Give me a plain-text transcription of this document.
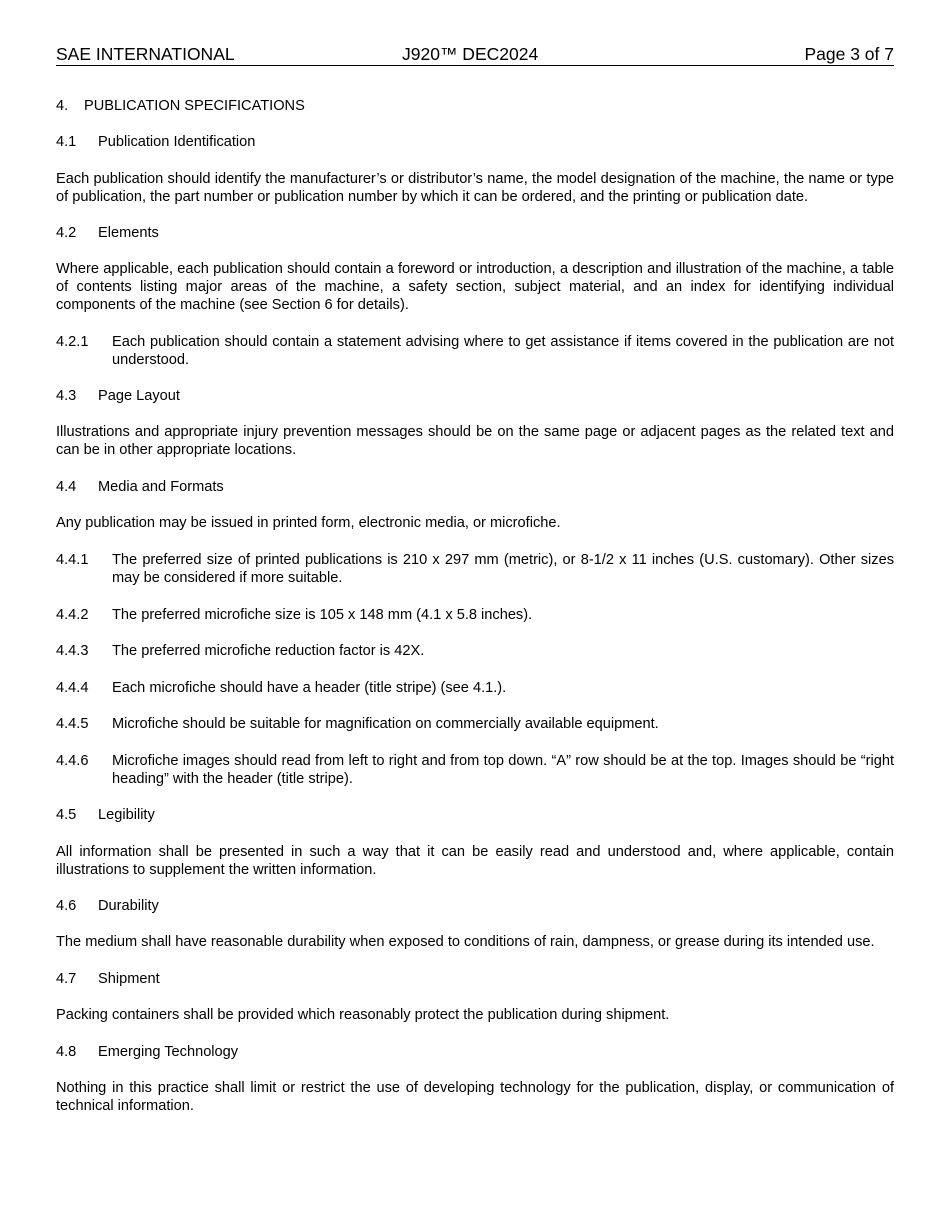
SAE INTERNATIONAL	J920™ DEC2024	Page 3 of 7
4.	PUBLICATION SPECIFICATIONS
4.1	Publication Identification
Each publication should identify the manufacturer’s or distributor’s name, the model designation of the machine, the name or type of publication, the part number or publication number by which it can be ordered, and the printing or publication date.
4.2	Elements
Where applicable, each publication should contain a foreword or introduction, a description and illustration of the machine, a table of contents listing major areas of the machine, a safety section, subject material, and an index for identifying individual components of the machine (see Section 6 for details).
4.2.1	Each publication should contain a statement advising where to get assistance if items covered in the publication are not understood.
4.3	Page Layout
Illustrations and appropriate injury prevention messages should be on the same page or adjacent pages as the related text and can be in other appropriate locations.
4.4	Media and Formats
Any publication may be issued in printed form, electronic media, or microfiche.
4.4.1	The preferred size of printed publications is 210 x 297 mm (metric), or 8-1/2 x 11 inches (U.S. customary). Other sizes may be considered if more suitable.
4.4.2	The preferred microfiche size is 105 x 148 mm (4.1 x 5.8 inches).
4.4.3	The preferred microfiche reduction factor is 42X.
4.4.4	Each microfiche should have a header (title stripe) (see 4.1.).
4.4.5	Microfiche should be suitable for magnification on commercially available equipment.
4.4.6	Microfiche images should read from left to right and from top down. “A” row should be at the top. Images should be “right heading” with the header (title stripe).
4.5	Legibility
All information shall be presented in such a way that it can be easily read and understood and, where applicable, contain illustrations to supplement the written information.
4.6	Durability
The medium shall have reasonable durability when exposed to conditions of rain, dampness, or grease during its intended use.
4.7	Shipment
Packing containers shall be provided which reasonably protect the publication during shipment.
4.8	Emerging Technology
Nothing in this practice shall limit or restrict the use of developing technology for the publication, display, or communication of technical information.
